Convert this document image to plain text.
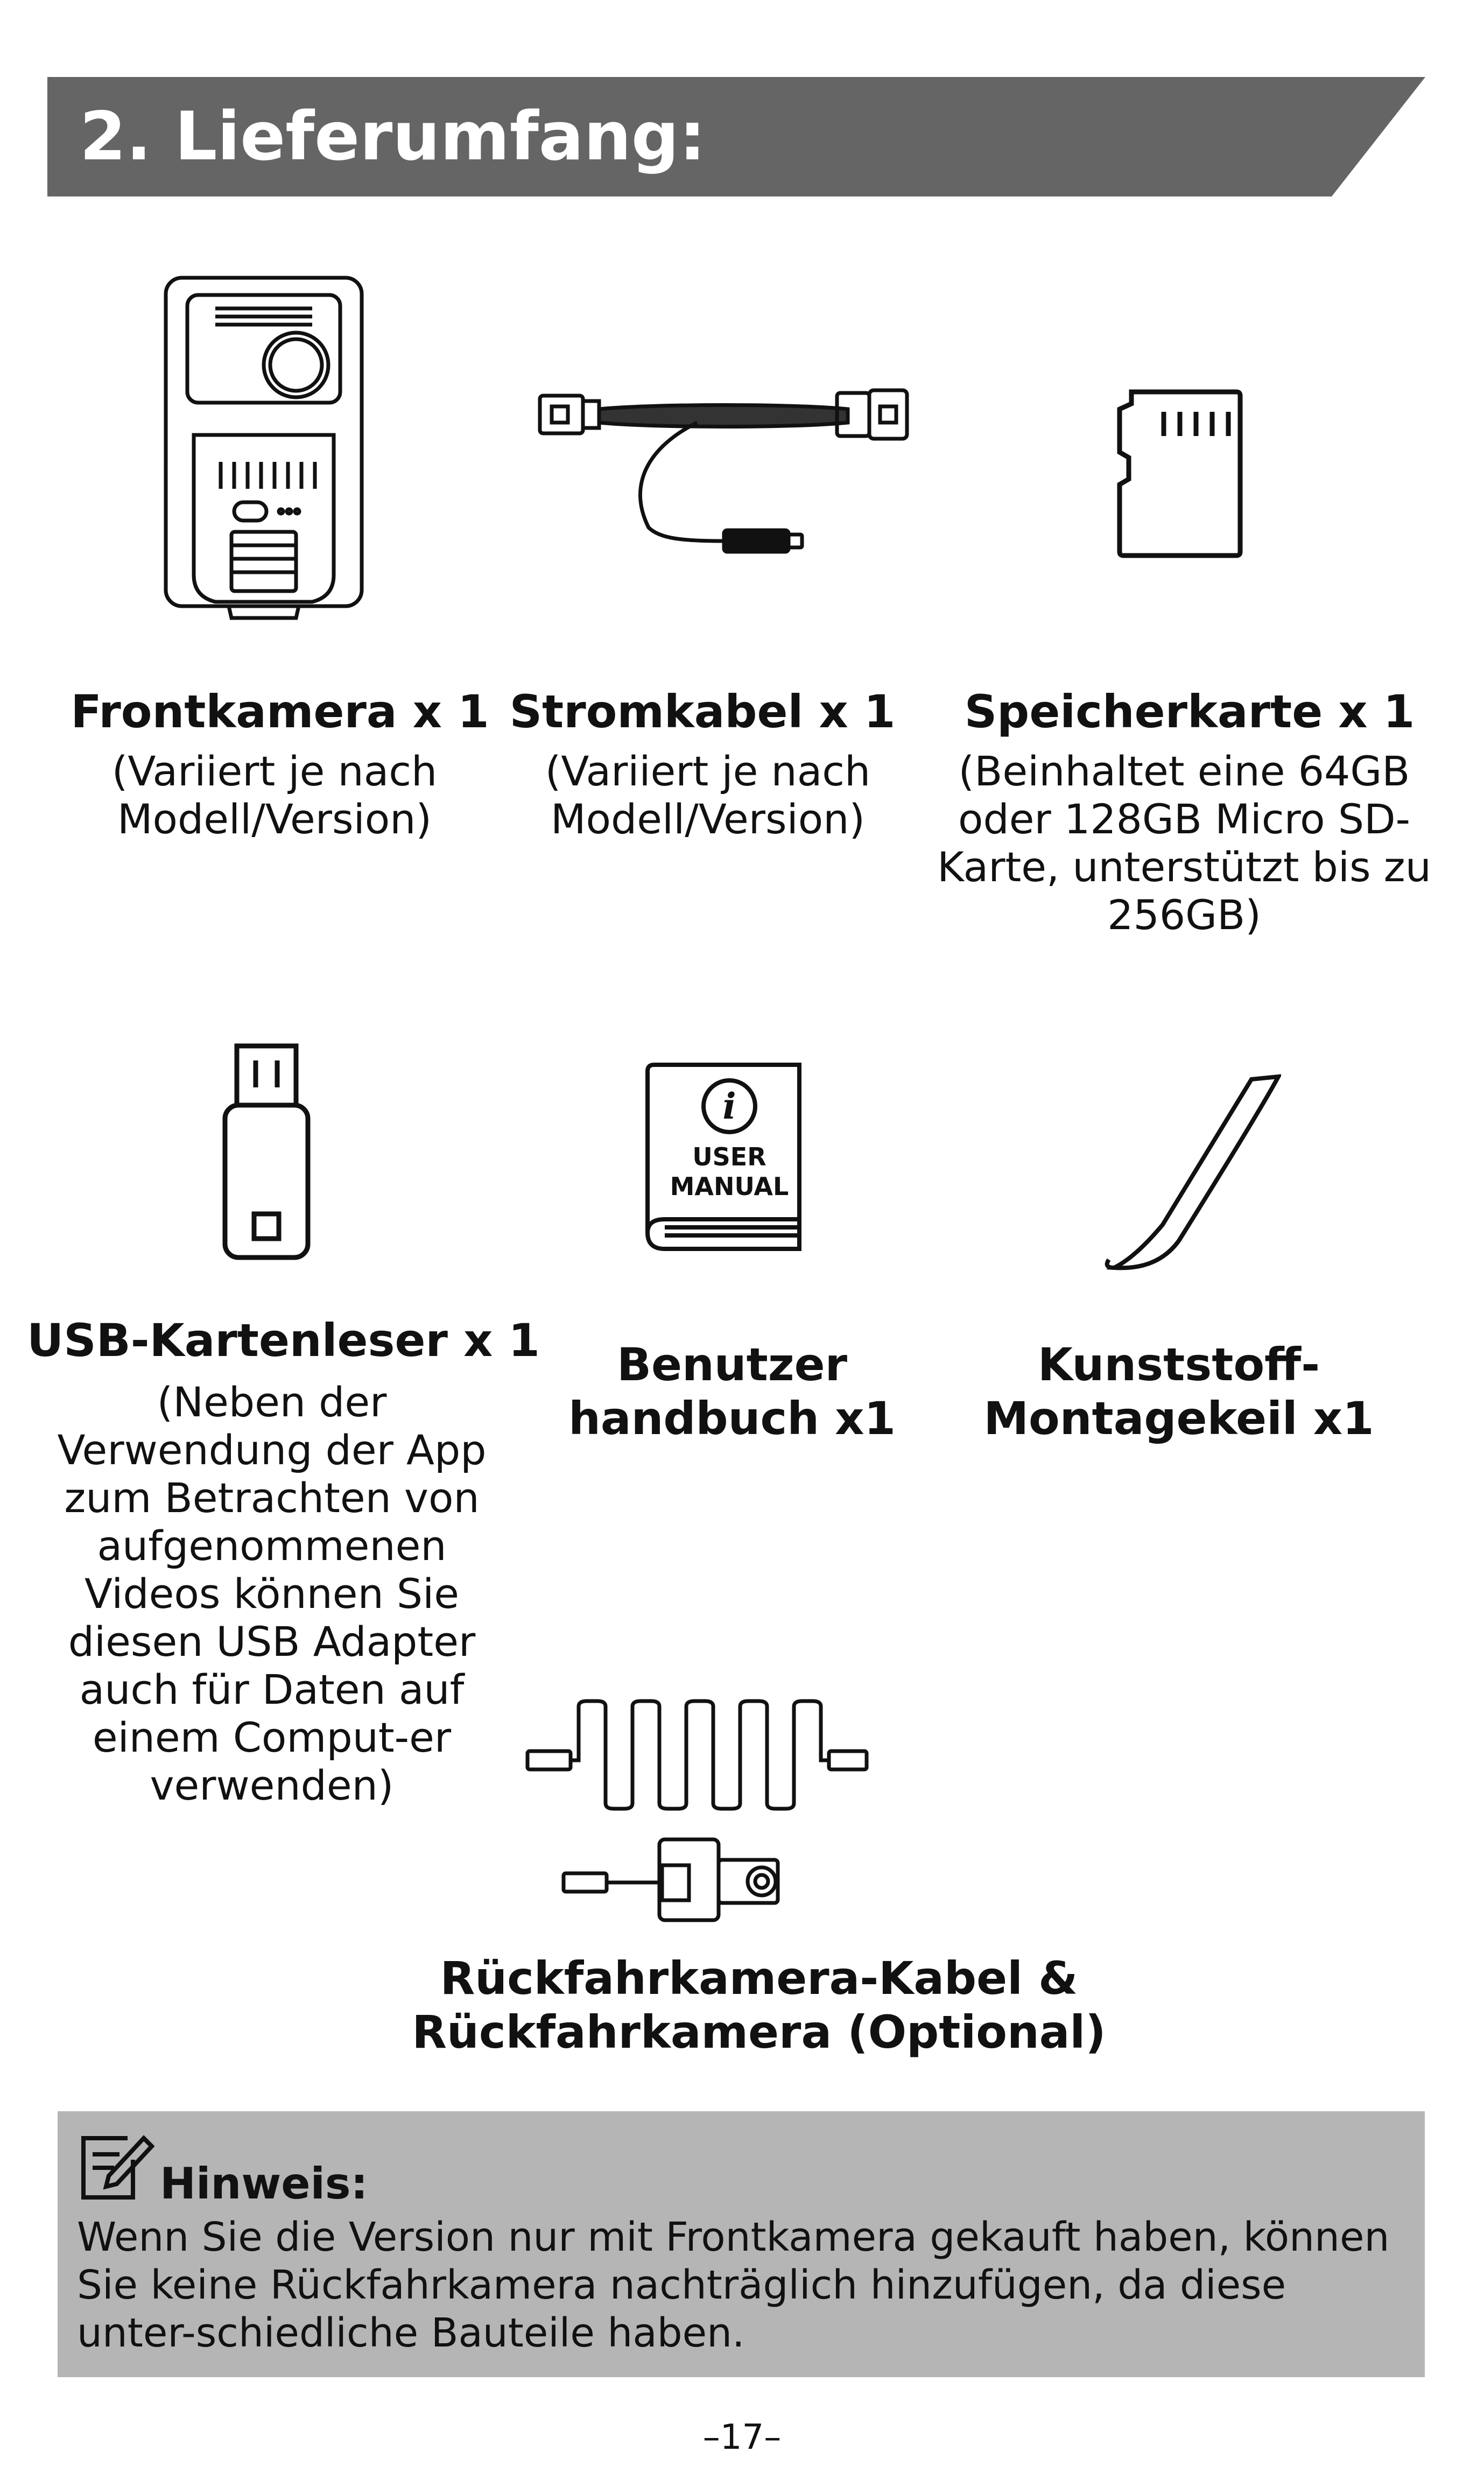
2. Lieferumfang:
Frontkamera x 1
(Variiert je nach Modell/Version)
Stromkabel x 1
(Variiert je nach Modell/Version)
Speicherkarte x 1
(Beinhaltet eine 64GB oder 128GB Micro SD-Karte, unterstützt bis zu 256GB)
USB-Kartenleser x 1
(Neben der Verwendung der App zum Betrachten von aufgenommenen Videos können Sie diesen USB Adapter auch für Daten auf einem Comput-er verwenden)
i
USER
MANUAL
Benutzer handbuch x1
Kunststoff-Montagekeil x1
Rückfahrkamera-Kabel & Rückfahrkamera (Optional)
Hinweis:
Wenn Sie die Version nur mit Frontkamera gekauft haben, können Sie keine Rückfahrkamera nachträglich hinzufügen, da diese unter-schiedliche Bauteile haben.
–17–
